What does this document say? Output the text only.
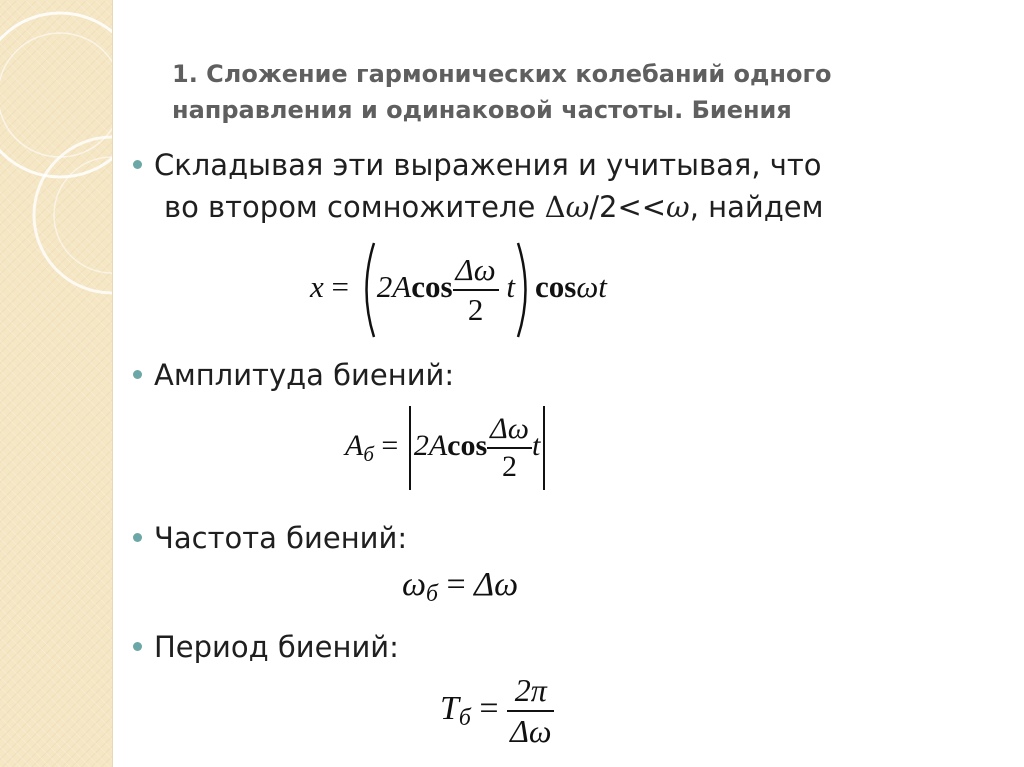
1. Сложение гармонических колебаний одного
направления и одинаковой частоты. Биения
Складывая эти выражения и учитывая, что
во втором сомножителе Δω/2<<ω, найдем
$x = 2Acos \frac{\Delta\omega}{2}$ t cosωt
Амплитуда биений:
$A_б = 2Acos \frac{\Delta\omega}{2}$ t
Частота биений:
ωб = Δω
Период биений:
Tб = $\frac{2\pi}{\Delta\omega}$
